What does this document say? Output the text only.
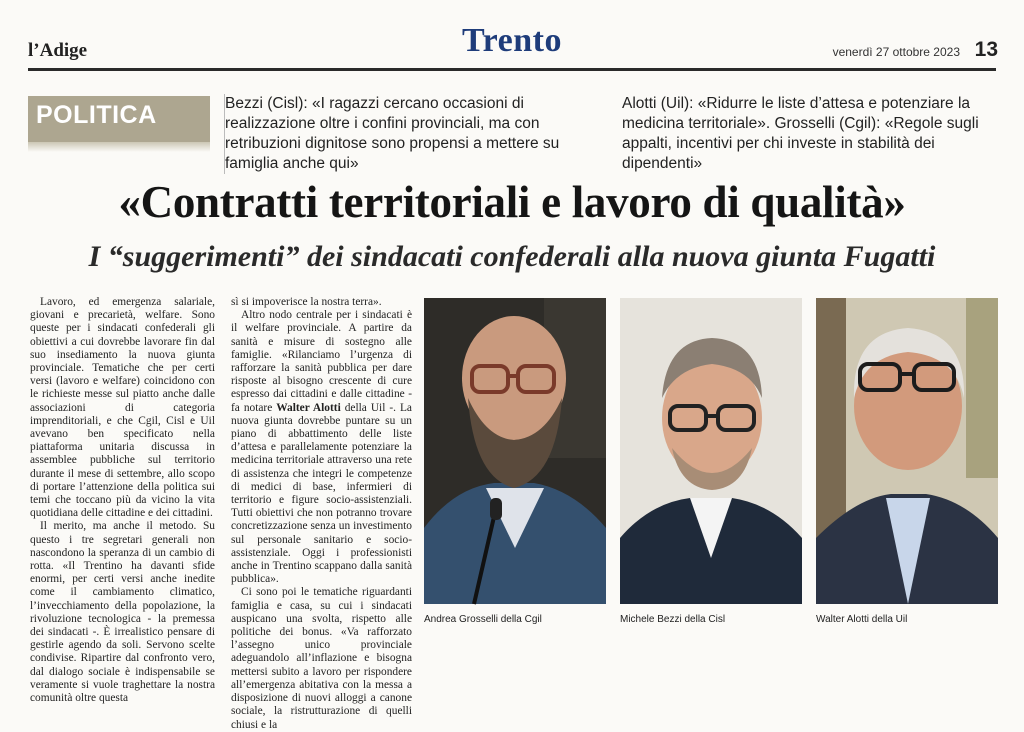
l’Adige	Trento	venerdì 27 ottobre 2023 13
POLITICA	Bezzi (Cisl): «I ragazzi cercano occasioni di realizzazione oltre i confini provinciali, ma con retribuzioni dignitose sono propensi a mettere su famiglia anche qui»
Alotti (Uil): «Ridurre le liste d’attesa e potenziare la medicina territoriale». Grosselli (Cgil): «Regole sugli appalti, incentivi per chi investe in stabilità dei dipendenti»
«Contratti territoriali e lavoro di qualità»
I “suggerimenti” dei sindacati confederali alla nuova giunta Fugatti

Lavoro, ed emergenza salariale, giovani e precarietà, welfare. Sono queste per i sindacati confederali gli obiettivi a cui dovrebbe lavorare fin dal suo insediamento la nuova giunta provinciale. Tematiche che per certi versi (lavoro e welfare) coincidono con le richieste messe sul piatto anche dalle associazioni di categoria imprenditoriali, e che Cgil, Cisl e Uil avevano ben specificato nella piattaforma unitaria discussa in assemblee pubbliche sul territorio durante il mese di settembre, allo scopo di portare l’attenzione della politica sui temi che toccano più da vicino la vita quotidiana delle cittadine e dei cittadini.

Il merito, ma anche il metodo. Su questo i tre segretari generali non nascondono la speranza di un cambio di rotta. «Il Trentino ha davanti sfide enormi, per certi versi anche inedite come il cambiamento climatico, l’invecchiamento della popolazione, la rivoluzione tecnologica - la premessa dei sindacati -. È irrealistico pensare di gestirle agendo da soli. Servono scelte condivise. Ripartire dal confronto vero, dal dialogo sociale è indispensabile se veramente si vuole traghettare la nostra comunità oltre questa

sì si impoverisce la nostra terra».

Altro nodo centrale per i sindacati è il welfare provinciale. A partire da sanità e misure di sostegno alle famiglie. «Rilanciamo l’urgenza di rafforzare la sanità pubblica per dare risposte al bisogno crescente di cure espresso dai cittadini e dalle cittadine - fa notare Walter Alotti della Uil -. La nuova giunta dovrebbe puntare su un piano di abbattimento delle liste d’attesa e parallelamente potenziare la medicina territoriale attraverso una rete di assistenza che integri le competenze di medici di base, infermieri di territorio e figure socio-assistenziali. Tutti obiettivi che non potranno trovare concretizzazione senza un investimento sul personale sanitario e socio-assistenziale. Oggi i professionisti anche in Trentino scappano dalla sanità pubblica».

Ci sono poi le tematiche riguardanti famiglia e casa, su cui i sindacati auspicano una svolta, rispetto alle politiche dei bonus. «Va rafforzato l’assegno unico provinciale adeguandolo all’inflazione e bisogna mettersi subito a lavoro per rispondere all’emergenza abitativa con la messa a disposizione di nuovi alloggi a canone sociale, la ristrutturazione di quelli chiusi e la

Andrea Grosselli della Cgil	Michele Bezzi della Cisl	Walter Alotti della Uil
